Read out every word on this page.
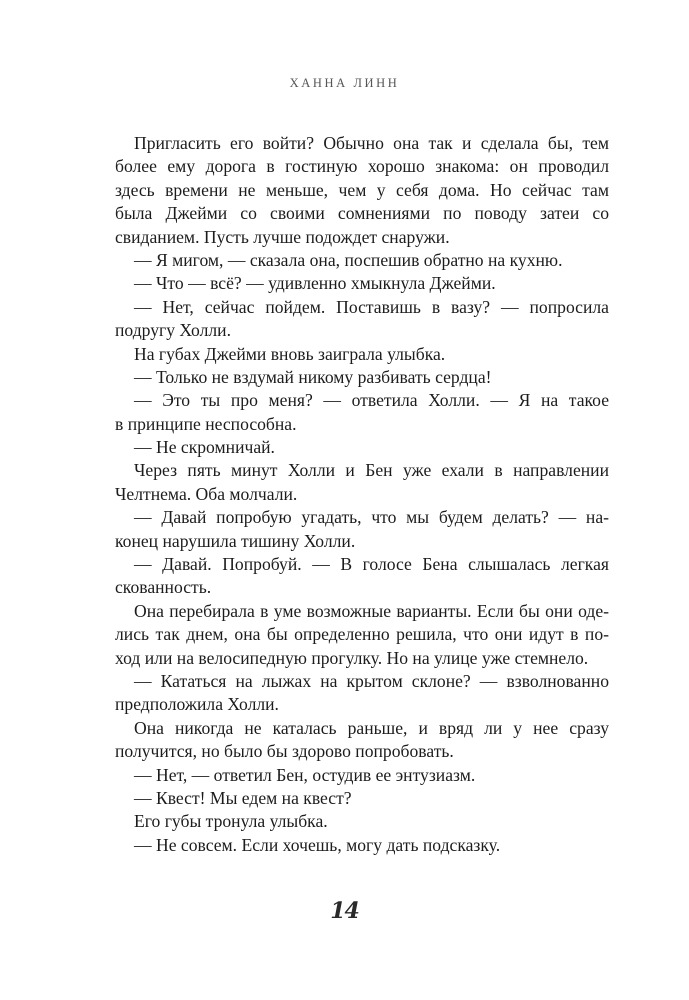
ХАННА ЛИНН
Пригласить его войти? Обычно она так и сделала бы, тем
более ему дорога в гостиную хорошо знакома: он проводил
здесь времени не меньше, чем у себя дома. Но сейчас там
была Джейми со своими сомнениями по поводу затеи со
свиданием. Пусть лучше подождет снаружи.
— Я мигом, — сказала она, поспешив обратно на кухню.
— Что — всё? — удивленно хмыкнула Джейми.
— Нет, сейчас пойдем. Поставишь в вазу? — попросила
подругу Холли.
На губах Джейми вновь заиграла улыбка.
— Только не вздумай никому разбивать сердца!
— Это ты про меня? — ответила Холли. — Я на такое
в принципе неспособна.
— Не скромничай.
Через пять минут Холли и Бен уже ехали в направлении
Челтнема. Оба молчали.
— Давай попробую угадать, что мы будем делать? — на-
конец нарушила тишину Холли.
— Давай. Попробуй. — В голосе Бена слышалась легкая
скованность.
Она перебирала в уме возможные варианты. Если бы они оде-
лись так днем, она бы определенно решила, что они идут в по-
ход или на велосипедную прогулку. Но на улице уже стемнело.
— Кататься на лыжах на крытом склоне? — взволнованно
предположила Холли.
Она никогда не каталась раньше, и вряд ли у нее сразу
получится, но было бы здорово попробовать.
— Нет, — ответил Бен, остудив ее энтузиазм.
— Квест! Мы едем на квест?
Его губы тронула улыбка.
— Не совсем. Если хочешь, могу дать подсказку.
14
